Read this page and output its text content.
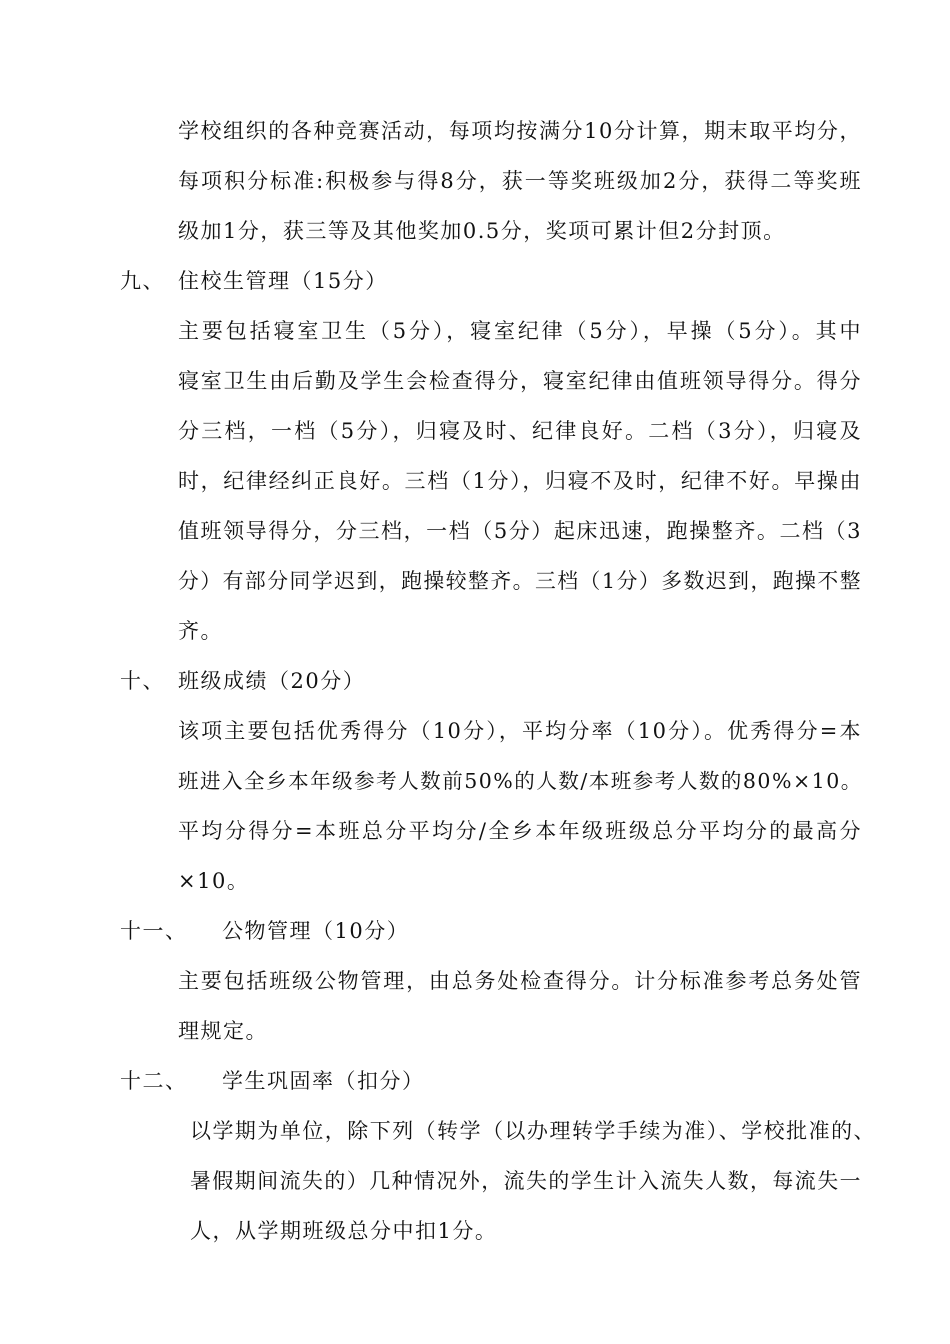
学校组织的各种竞赛活动，每项均按满分10分计算，期末取平均分，
每项积分标准:积极参与得8分，获一等奖班级加2分，获得二等奖班
级加1分，获三等及其他奖加0.5分，奖项可累计但2分封顶。
九、 住校生管理（15分）
主要包括寝室卫生（5分），寝室纪律（5分），早操（5分）。其中
寝室卫生由后勤及学生会检查得分，寝室纪律由值班领导得分。得分
分三档，一档（5分），归寝及时、纪律良好。二档（3分），归寝及
时，纪律经纠正良好。三档（1分），归寝不及时，纪律不好。早操由
值班领导得分，分三档，一档（5分）起床迅速，跑操整齐。二档（3
分）有部分同学迟到，跑操较整齐。三档（1分）多数迟到，跑操不整
齐。
十、 班级成绩（20分）
该项主要包括优秀得分（10分），平均分率（10分）。优秀得分=本
班进入全乡本年级参考人数前50%的人数/本班参考人数的80%×10。
平均分得分=本班总分平均分/全乡本年级班级总分平均分的最高分
×10。
十一、 公物管理（10分）
主要包括班级公物管理，由总务处检查得分。计分标准参考总务处管
理规定。
十二、 学生巩固率（扣分）
以学期为单位，除下列（转学（以办理转学手续为准）、学校批准的、
暑假期间流失的）几种情况外，流失的学生计入流失人数，每流失一
人，从学期班级总分中扣1分。
